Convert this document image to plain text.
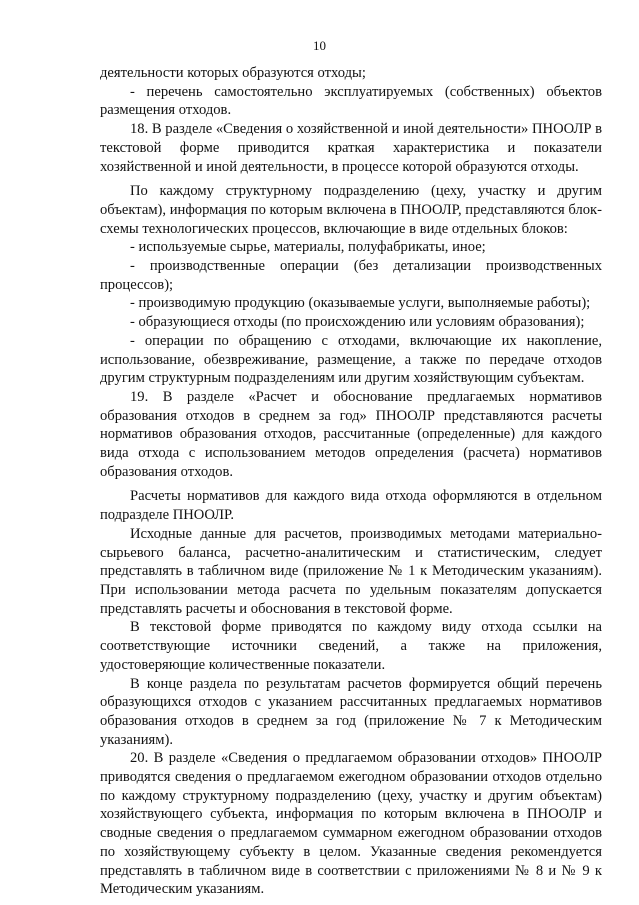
10

деятельности которых образуются отходы;

- перечень самостоятельно эксплуатируемых (собственных) объектов размещения отходов.

18. В разделе «Сведения о хозяйственной и иной деятельности» ПНООЛР в текстовой форме приводится краткая характеристика и показатели хозяйственной и иной деятельности, в процессе которой образуются отходы.

По каждому структурному подразделению (цеху, участку и другим объектам), информация по которым включена в ПНООЛР, представляются блок-схемы технологических процессов, включающие в виде отдельных блоков:

- используемые сырье, материалы, полуфабрикаты, иное;

- производственные операции (без детализации производственных процессов);

- производимую продукцию (оказываемые услуги, выполняемые работы);

- образующиеся отходы (по происхождению или условиям образования);

- операции по обращению с отходами, включающие их накопление, использование, обезвреживание, размещение, а также по передаче отходов другим структурным подразделениям или другим хозяйствующим субъектам.

19. В разделе «Расчет и обоснование предлагаемых нормативов образования отходов в среднем за год» ПНООЛР представляются расчеты нормативов образования отходов, рассчитанные (определенные) для каждого вида отхода с использованием методов определения (расчета) нормативов образования отходов.

Расчеты нормативов для каждого вида отхода оформляются в отдельном подразделе ПНООЛР.

Исходные данные для расчетов, производимых методами материально-сырьевого баланса, расчетно-аналитическим и статистическим, следует представлять в табличном виде (приложение № 1 к Методическим указаниям). При использовании метода расчета по удельным показателям допускается представлять расчеты и обоснования в текстовой форме.

В текстовой форме приводятся по каждому виду отхода ссылки на соответствующие источники сведений, а также на приложения, удостоверяющие количественные показатели.

В конце раздела по результатам расчетов формируется общий перечень образующихся отходов с указанием рассчитанных предлагаемых нормативов образования отходов в среднем за год (приложение № 7 к Методическим указаниям).

20. В разделе «Сведения о предлагаемом образовании отходов» ПНООЛР приводятся сведения о предлагаемом ежегодном образовании отходов отдельно по каждому структурному подразделению (цеху, участку и другим объектам) хозяйствующего субъекта, информация по которым включена в ПНООЛР и сводные сведения о предлагаемом суммарном ежегодном образовании отходов по хозяйствующему субъекту в целом. Указанные сведения рекомендуется представлять в табличном виде в соответствии с приложениями № 8 и № 9 к Методическим указаниям.
